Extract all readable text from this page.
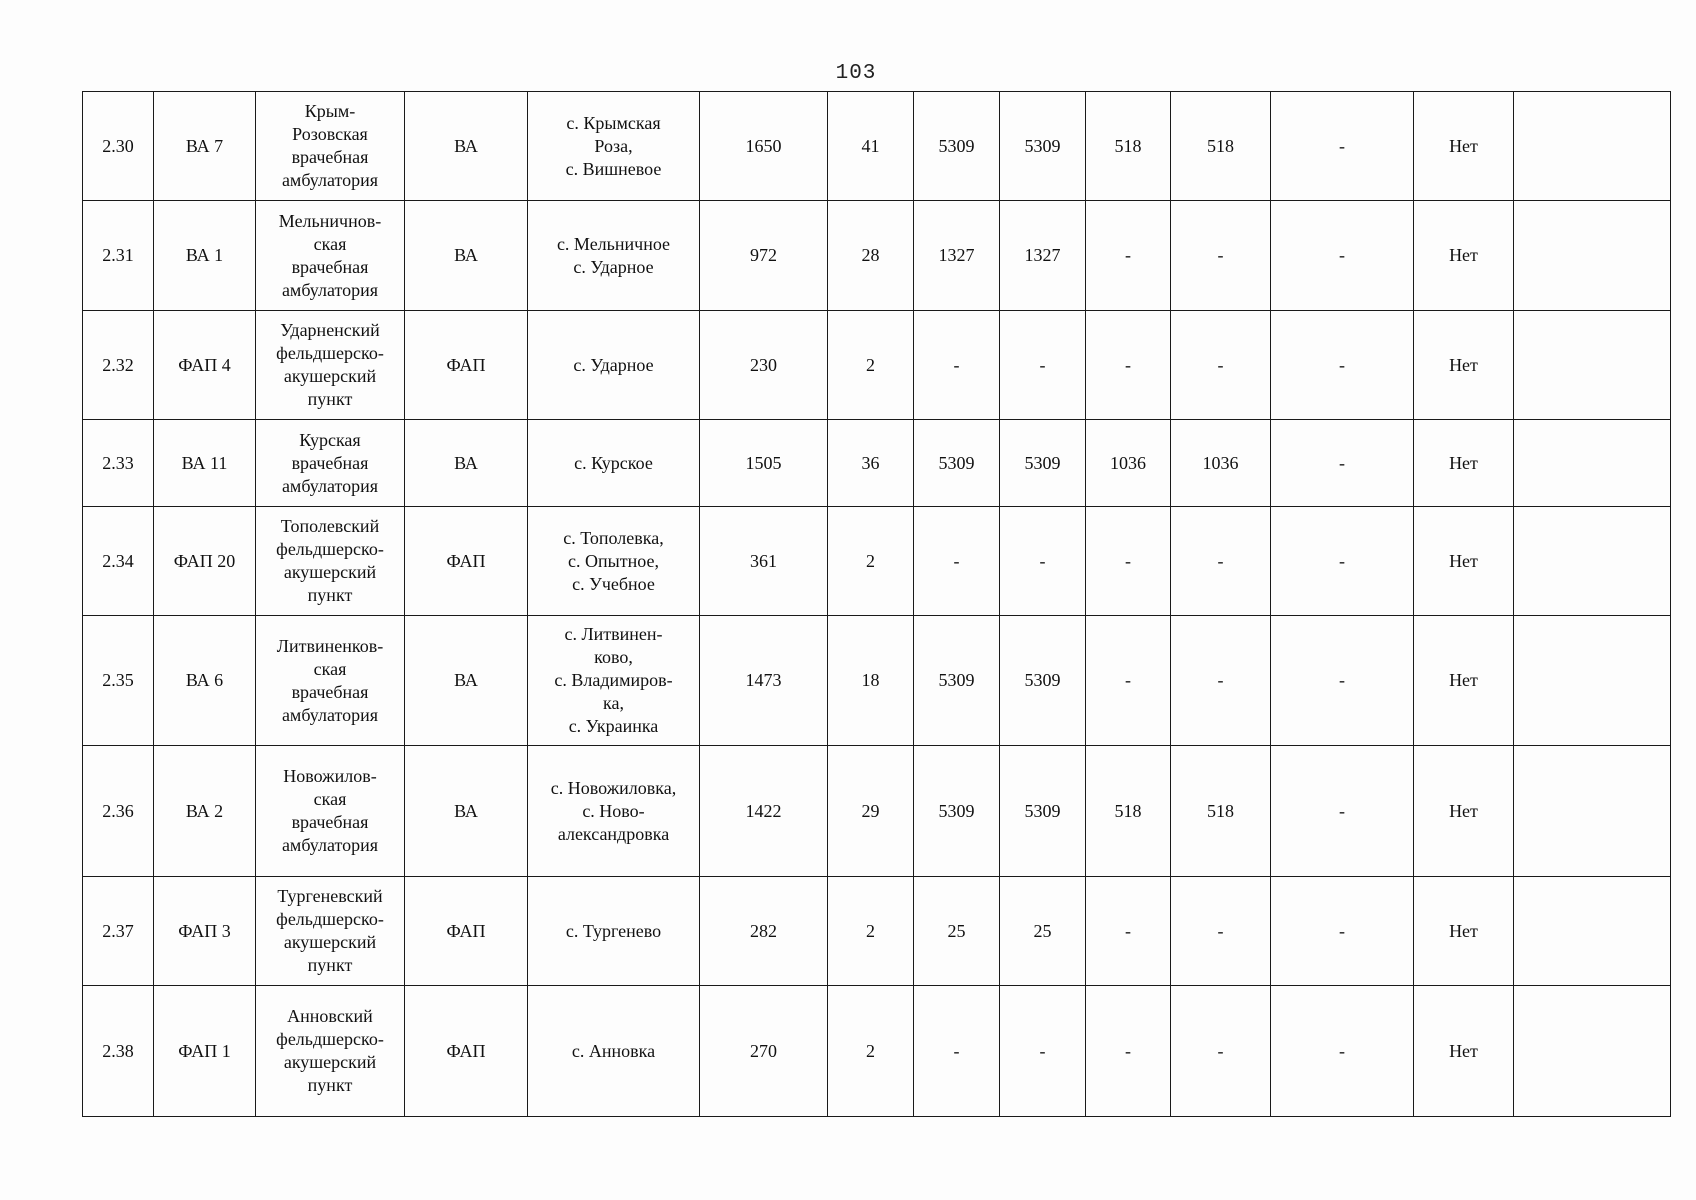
103
2.30	ВА 7	Крым-
Розовская
врачебная
амбулатория	ВА	с. Крымская
Роза,
с. Вишневое	1650	41	5309	5309	518	518	-	Нет	
2.31	ВА 1	Мельничнов-
ская
врачебная
амбулатория	ВА	с. Мельничное
с. Ударное	972	28	1327	1327	-	-	-	Нет	
2.32	ФАП 4	Ударненский
фельдшерско-
акушерский
пункт	ФАП	с. Ударное	230	2	-	-	-	-	-	Нет	
2.33	ВА 11	Курская
врачебная
амбулатория	ВА	с. Курское	1505	36	5309	5309	1036	1036	-	Нет	
2.34	ФАП 20	Тополевский
фельдшерско-
акушерский
пункт	ФАП	с. Тополевка,
с. Опытное,
с. Учебное	361	2	-	-	-	-	-	Нет	
2.35	ВА 6	Литвиненков-
ская
врачебная
амбулатория	ВА	с. Литвинен-
ково,
с. Владимиров-
ка,
с. Украинка	1473	18	5309	5309	-	-	-	Нет	
2.36	ВА 2	Новожилов-
ская
врачебная
амбулатория	ВА	с. Новожиловка,
с. Ново-
александровка	1422	29	5309	5309	518	518	-	Нет	
2.37	ФАП 3	Тургеневский
фельдшерско-
акушерский
пункт	ФАП	с. Тургенево	282	2	25	25	-	-	-	Нет	
2.38	ФАП 1	Анновский
фельдшерско-
акушерский
пункт	ФАП	с. Анновка	270	2	-	-	-	-	-	Нет	
